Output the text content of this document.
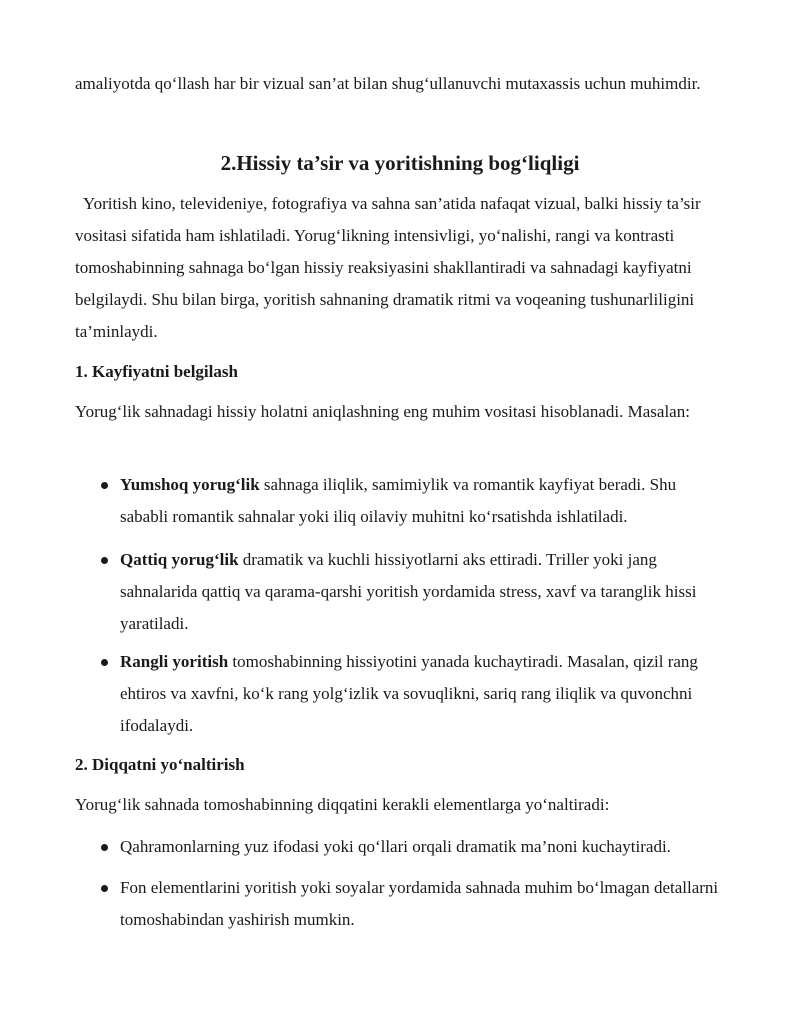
amaliyotda qo‘llash har bir vizual san’at bilan shug‘ullanuvchi mutaxassis uchun muhimdir.

2.Hissiy ta’sir va yoritishning bog‘liqligi

Yoritish kino, televideniye, fotografiya va sahna san’atida nafaqat vizual, balki hissiy ta’sir vositasi sifatida ham ishlatiladi. Yorug‘likning intensivligi, yo‘nalishi, rangi va kontrasti tomoshabinning sahnaga bo‘lgan hissiy reaksiyasini shakllantiradi va sahnadagi kayfiyatni belgilaydi. Shu bilan birga, yoritish sahnaning dramatik ritmi va voqeaning tushunarliligini ta’minlaydi.

1. Kayfiyatni belgilash

Yorug‘lik sahnadagi hissiy holatni aniqlashning eng muhim vositasi hisoblanadi. Masalan:

Yumshoq yorug‘lik sahnaga iliqlik, samimiylik va romantik kayfiyat beradi. Shu sababli romantik sahnalar yoki iliq oilaviy muhitni ko‘rsatishda ishlatiladi.

Qattiq yorug‘lik dramatik va kuchli hissiyotlarni aks ettiradi. Triller yoki jang sahnalarida qattiq va qarama-qarshi yoritish yordamida stress, xavf va taranglik hissi yaratiladi.

Rangli yoritish tomoshabinning hissiyotini yanada kuchaytiradi. Masalan, qizil rang ehtiros va xavfni, ko‘k rang yolg‘izlik va sovuqlikni, sariq rang iliqlik va quvonchni ifodalaydi.

2. Diqqatni yo‘naltirish

Yorug‘lik sahnada tomoshabinning diqqatini kerakli elementlarga yo‘naltiradi:

Qahramonlarning yuz ifodasi yoki qo‘llari orqali dramatik ma’noni kuchaytiradi.

Fon elementlarini yoritish yoki soyalar yordamida sahnada muhim bo‘lmagan detallarni tomoshabindan yashirish mumkin.
